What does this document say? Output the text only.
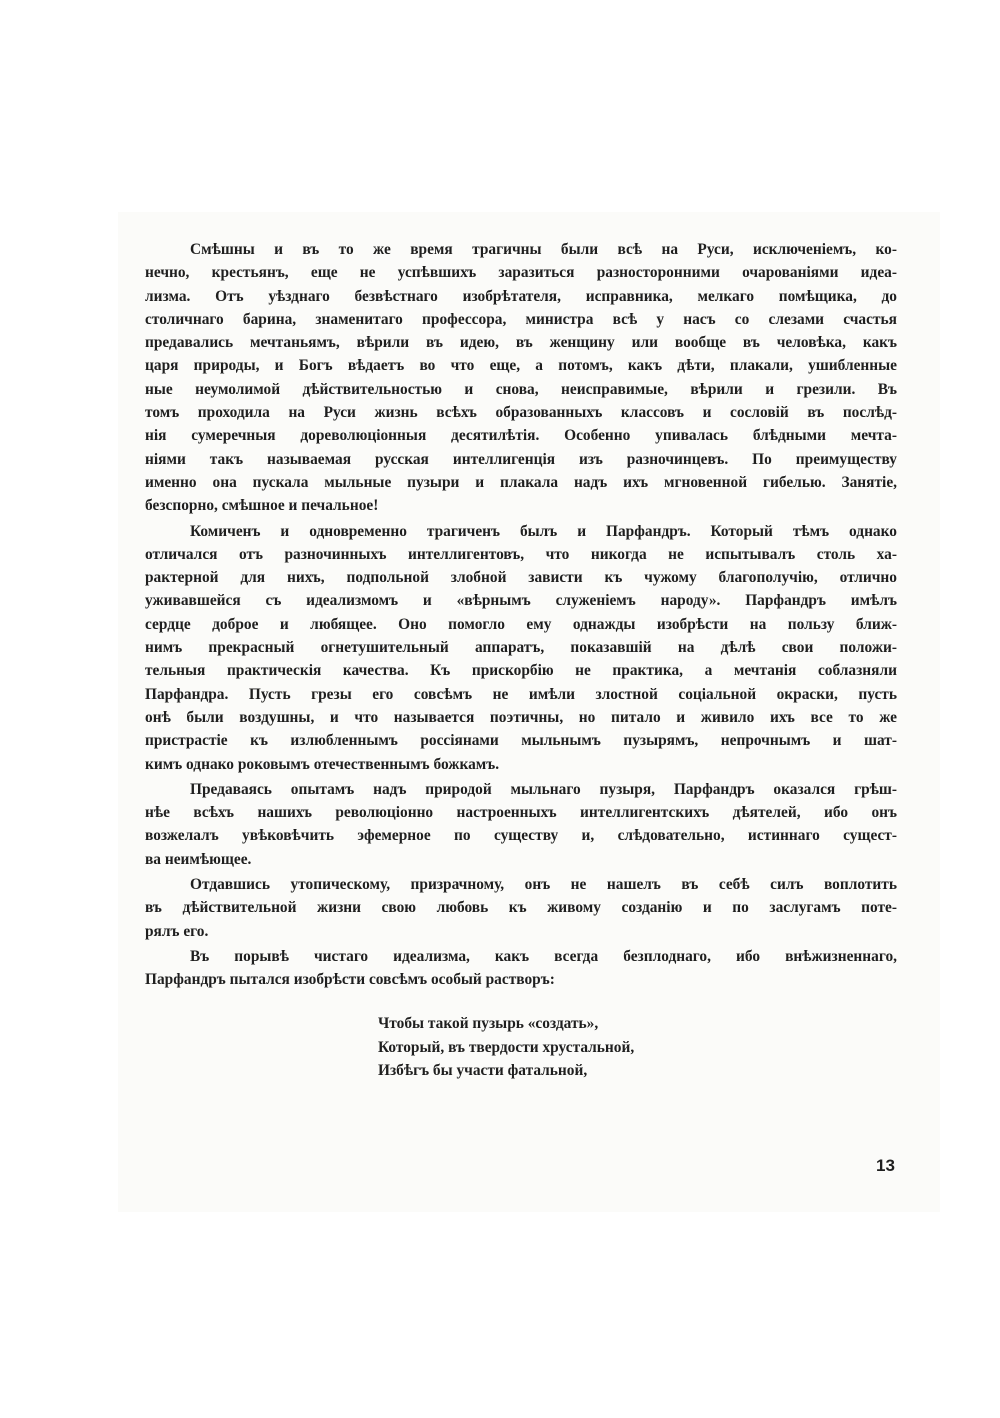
Смѣшны и въ то же время трагичны были всѣ на Руси, исключеніемъ, ко-
нечно, крестьянъ, еще не успѣвшихъ заразиться разносторонними очарованіями идеа-
лизма. Отъ уѣзднаго безвѣстнаго изобрѣтателя, исправника, мелкаго помѣщика, до
столичнаго барина, знаменитаго профессора, министра всѣ у насъ со слезами счастья
предавались мечтаньямъ, вѣрили въ идею, въ женщину или вообще въ человѣка, какъ
царя природы, и Богъ вѣдаетъ во что еще, а потомъ, какъ дѣти, плакали, ушибленные
ные неумолимой дѣйствительностью и снова, неисправимые, вѣрили и грезили. Въ
томъ проходила на Руси жизнь всѣхъ образованныхъ классовъ и сословій въ послѣд-
нія сумеречныя дореволюціонныя десятилѣтія. Особенно упивалась блѣдными мечта-
ніями такъ называемая русская интеллигенція изъ разночинцевъ. По преимуществу
именно она пускала мыльные пузыри и плакала надъ ихъ мгновенной гибелью. Занятіе,
безспорно, смѣшное и печальное!

Комиченъ и одновременно трагиченъ былъ и Парфандръ. Который тѣмъ однако
отличался отъ разночинныхъ интеллигентовъ, что никогда не испытывалъ столь ха-
рактерной для нихъ, подпольной злобной зависти къ чужому благополучію, отлично
уживавшейся съ идеализмомъ и «вѣрнымъ служеніемъ народу». Парфандръ имѣлъ
сердце доброе и любящее. Оно помогло ему однажды изобрѣсти на пользу ближ-
нимъ прекрасный огнетушительный аппаратъ, показавшій на дѣлѣ свои положи-
тельныя практическія качества. Къ прискорбію не практика, а мечтанія соблазняли
Парфандра. Пусть грезы его совсѣмъ не имѣли злостной соціальной окраски, пусть
онѣ были воздушны, и что называется поэтичны, но питало и живило ихъ все то же
пристрастіе къ излюбленнымъ россіянами мыльнымъ пузырямъ, непрочнымъ и шат-
кимъ однако роковымъ отечественнымъ божкамъ.

Предаваясь опытамъ надъ природой мыльнаго пузыря, Парфандръ оказался грѣш-
нѣе всѣхъ нашихъ революціонно настроенныхъ интеллигентскихъ дѣятелей, ибо онъ
возжелалъ увѣковѣчить эфемерное по существу и, слѣдовательно, истиннаго сущест-
ва неимѣющее.

Отдавшись утопическому, призрачному, онъ не нашелъ въ себѣ силъ воплотить
въ дѣйствительной жизни свою любовь къ живому созданію и по заслугамъ поте-
рялъ его.

Въ порывѣ чистаго идеализма, какъ всегда безплоднаго, ибо внѣжизненнаго,
Парфандръ пытался изобрѣсти совсѣмъ особый растворъ:

Чтобы такой пузырь «создать»,
Который, въ твердости хрустальной,
Избѣгъ бы участи фатальной,
13
